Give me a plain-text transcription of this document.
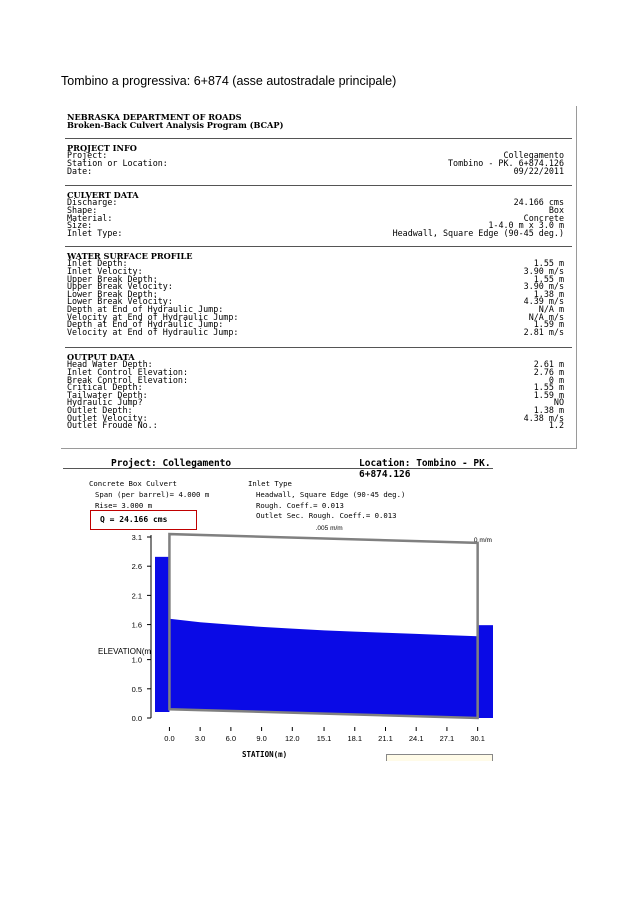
Tombino a progressiva: 6+874 (asse autostradale principale)
NEBRASKA DEPARTMENT OF ROADS
Broken-Back Culvert Analysis Program (BCAP)
PROJECT INFO
Project:	Collegamento
Station or Location:	Tombino - PK. 6+874.126
Date:	09/22/2011
CULVERT DATA
Discharge:	24.166 cms
Shape:	Box
Material:	Concrete
Size:	1-4.0 m x 3.0 m
Inlet Type:	Headwall, Square Edge (90-45 deg.)
WATER SURFACE PROFILE
Inlet Depth:	1.55 m
Inlet Velocity:	3.90 m/s
Upper Break Depth:	1.55 m
Upper Break Velocity:	3.90 m/s
Lower Break Depth:	1.38 m
Lower Break Velocity:	4.39 m/s
Depth at End of Hydraulic Jump:	N/A m
Velocity at End of Hydraulic Jump:	N/A m/s
Depth at End of Hydraulic Jump:	1.59 m
Velocity at End of Hydraulic Jump:	2.81 m/s
OUTPUT DATA
Head Water Depth:	2.61 m
Inlet Control Elevation:	2.76 m
Break Control Elevation:	0 m
Critical Depth:	1.55 m
Tailwater Depth:	1.59 m
Hydraulic Jump?	NO
Outlet Depth:	1.38 m
Outlet Velocity:	4.38 m/s
Outlet Froude No.:	1.2
Project: Collegamento	Location: Tombino - PK. 6+874.126
Concrete Box Culvert
Span (per barrel)= 4.000 m
Rise= 3.000 m
Inlet Type
Headwall, Square Edge (90-45 deg.)
Rough. Coeff.= 0.013
Outlet Sec. Rough. Coeff.= 0.013
Q = 24.166 cms
0.0
0.5
1.0
1.6
2.1
2.6
3.1
0.0	3.0	6.0	9.0 12.0 15.1 18.1 21.1 24.1 27.1 30.1
.005 m/m
0 m/m
ELEVATION(m
STATION(m)
